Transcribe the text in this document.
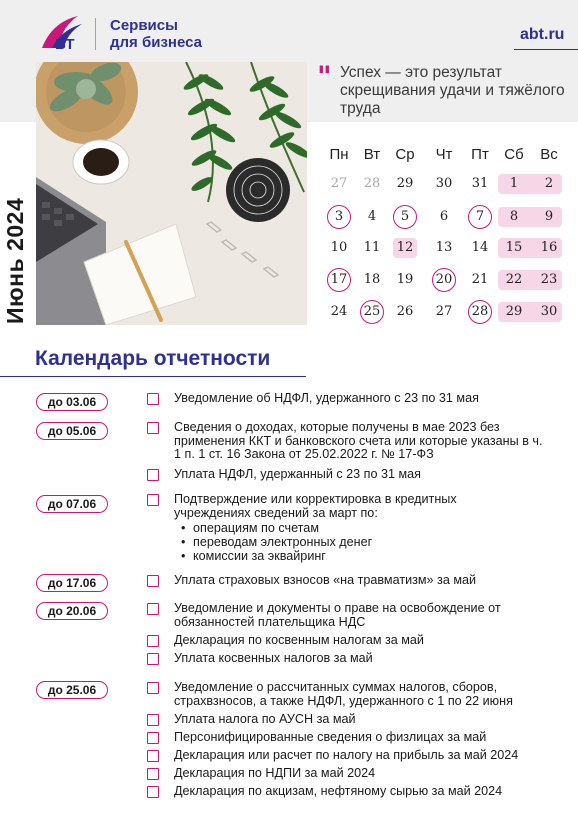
БТ
Сервисы
для бизнеса	abt.ru
Июнь 2024
" Успех — это результат скрещивания удачи и тяжёлого труда
Пн	Вт	Ср	Чт	Пт	Сб	Вс
27	28	29	30	31	1	2
3	4	5	6	7	8	9
10	11	12	13	14	15	16
17	18	19	20	21	22	23
24	25	26	27	28	29	30
Календарь отчетности
до 03.06	Уведомление об НДФЛ, удержанного с 23 по 31 мая
до 05.06	Сведения о доходах, которые получены в мае 2023 без применения ККТ и банковского счета или которые указаны в ч. 1 п. 1 ст. 16 Закона от 25.02.2022 г. № 17-ФЗ
Уплата НДФЛ, удержанный с 23 по 31 мая
до 07.06	Подтверждение или корректировка в кредитных учреждениях сведений за март по:
• операциям по счетам
• переводам электронных денег
• комиссии за эквайринг
до 17.06	Уплата страховых взносов «на травматизм» за май
до 20.06	Уведомление и документы о праве на освобождение от обязанностей плательщика НДС
Декларация по косвенным налогам за май
Уплата косвенных налогов за май
до 25.06	Уведомление о рассчитанных суммах налогов, сборов, страхвзносов, а также НДФЛ, удержанного с 1 по 22 июня
Уплата налога по АУСН за май
Персонифицированные сведения о физлицах за май
Декларация или расчет по налогу на прибыль за май 2024
Декларация по НДПИ за май 2024
Декларация по акцизам, нефтяному сырью за май 2024
